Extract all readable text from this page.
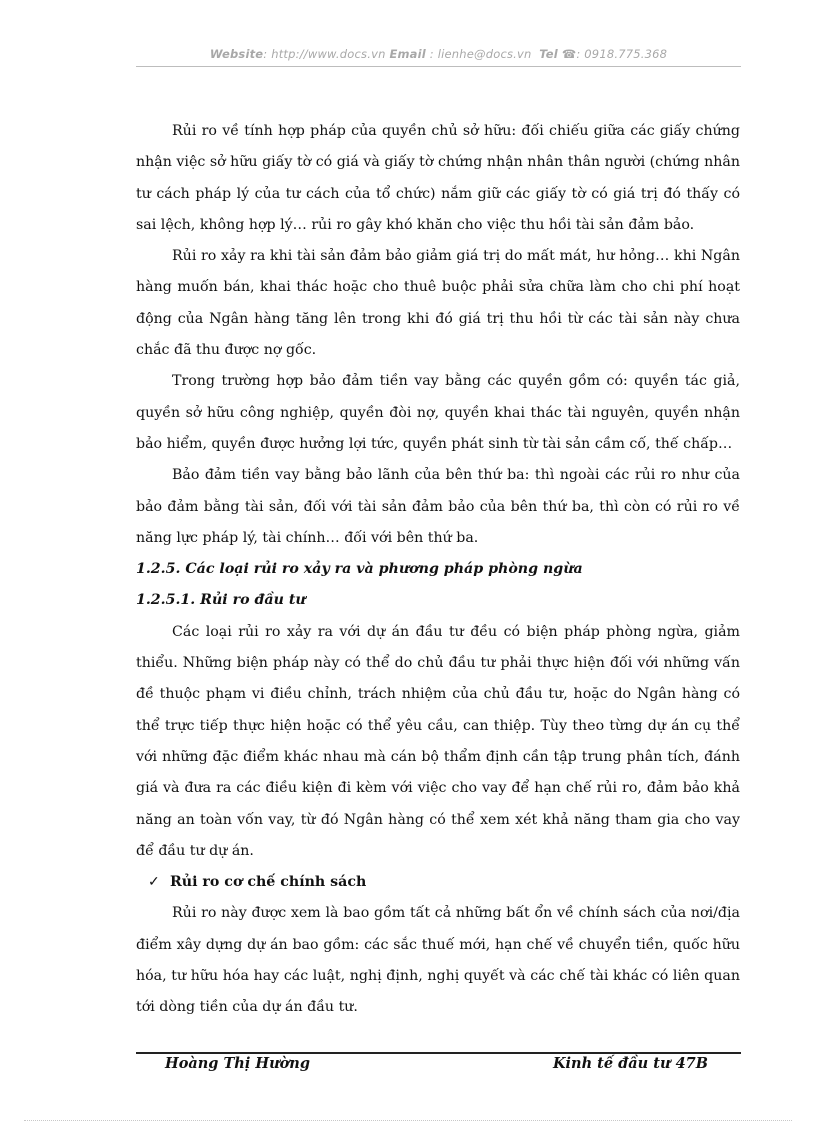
Website: http://www.docs.vn Email : lienhe@docs.vn Tel ☎: 0918.775.368

Rủi ro về tính hợp pháp của quyền chủ sở hữu: đối chiếu giữa các giấy chứng nhận việc sở hữu giấy tờ có giá và giấy tờ chứng nhận nhân thân người (chứng nhân tư cách pháp lý của tư cách của tổ chức) nắm giữ các giấy tờ có giá trị đó thấy có sai lệch, không hợp lý… rủi ro gây khó khăn cho việc thu hồi tài sản đảm bảo.

Rủi ro xảy ra khi tài sản đảm bảo giảm giá trị do mất mát, hư hỏng… khi Ngân hàng muốn bán, khai thác hoặc cho thuê buộc phải sửa chữa làm cho chi phí hoạt động của Ngân hàng tăng lên trong khi đó giá trị thu hồi từ các tài sản này chưa chắc đã thu được nợ gốc.

Trong trường hợp bảo đảm tiền vay bằng các quyền gồm có: quyền tác giả, quyền sở hữu công nghiệp, quyền đòi nợ, quyền khai thác tài nguyên, quyền nhận bảo hiểm, quyền được hưởng lợi tức, quyền phát sinh từ tài sản cầm cố, thế chấp…

Bảo đảm tiền vay bằng bảo lãnh của bên thứ ba: thì ngoài các rủi ro như của bảo đảm bằng tài sản, đối với tài sản đảm bảo của bên thứ ba, thì còn có rủi ro về năng lực pháp lý, tài chính… đối với bên thứ ba.

1.2.5. Các loại rủi ro xảy ra và phương pháp phòng ngừa
1.2.5.1. Rủi ro đầu tư

Các loại rủi ro xảy ra với dự án đầu tư đều có biện pháp phòng ngừa, giảm thiểu. Những biện pháp này có thể do chủ đầu tư phải thực hiện đối với những vấn đề thuộc phạm vi điều chỉnh, trách nhiệm của chủ đầu tư, hoặc do Ngân hàng có thể trực tiếp thực hiện hoặc có thể yêu cầu, can thiệp. Tùy theo từng dự án cụ thể với những đặc điểm khác nhau mà cán bộ thẩm định cần tập trung phân tích, đánh giá và đưa ra các điều kiện đi kèm với việc cho vay để hạn chế rủi ro, đảm bảo khả năng an toàn vốn vay, từ đó Ngân hàng có thể xem xét khả năng tham gia cho vay để đầu tư dự án.

✓ Rủi ro cơ chế chính sách

Rủi ro này được xem là bao gồm tất cả những bất ổn về chính sách của nơi/địa điểm xây dựng dự án bao gồm: các sắc thuế mới, hạn chế về chuyển tiền, quốc hữu hóa, tư hữu hóa hay các luật, nghị định, nghị quyết và các chế tài khác có liên quan tới dòng tiền của dự án đầu tư.

Hoàng Thị Hường	Kinh tế đầu tư 47B
